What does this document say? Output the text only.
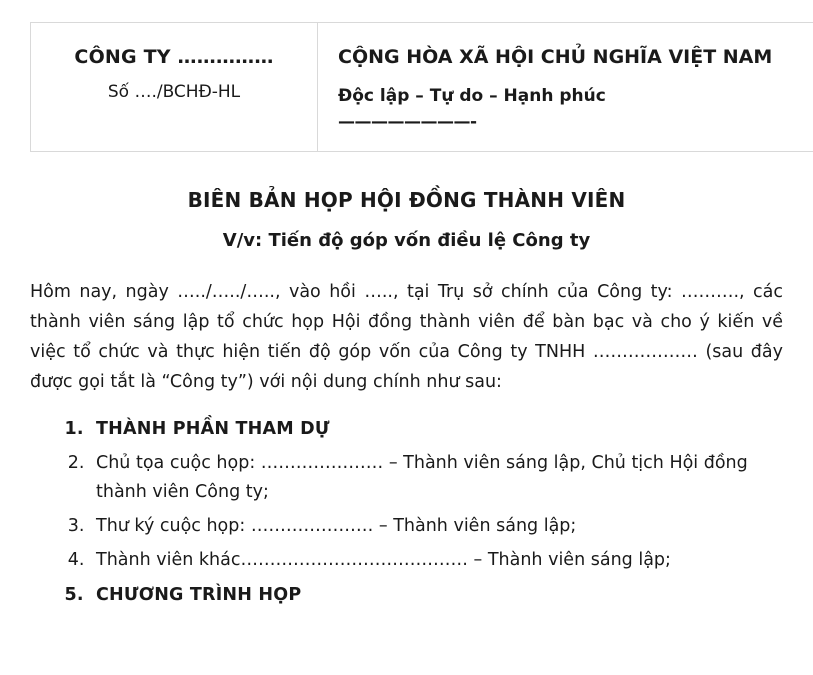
CÔNG TY ……………

Số …./BCHĐ-HL

CỘNG HÒA XÃ HỘI CHỦ NGHĨA VIỆT NAM

Độc lập – Tự do – Hạnh phúc

————————-

BIÊN BẢN HỌP HỘI ĐỒNG THÀNH VIÊN
V/v: Tiến độ góp vốn điều lệ Công ty

Hôm nay, ngày …../…../….., vào hồi ….., tại Trụ sở chính của Công ty: ………., các thành viên sáng lập tổ chức họp Hội đồng thành viên để bàn bạc và cho ý kiến về việc tổ chức và thực hiện tiến độ góp vốn của Công ty TNHH ……………… (sau đây được gọi tắt là “Công ty”) với nội dung chính như sau:

1. THÀNH PHẦN THAM DỰ
2. Chủ tọa cuộc họp: ………………… – Thành viên sáng lập, Chủ tịch Hội đồng thành viên Công ty;
3. Thư ký cuộc họp: ………………… – Thành viên sáng lập;
4. Thành viên khác………………………………… – Thành viên sáng lập;
5. CHƯƠNG TRÌNH HỌP
